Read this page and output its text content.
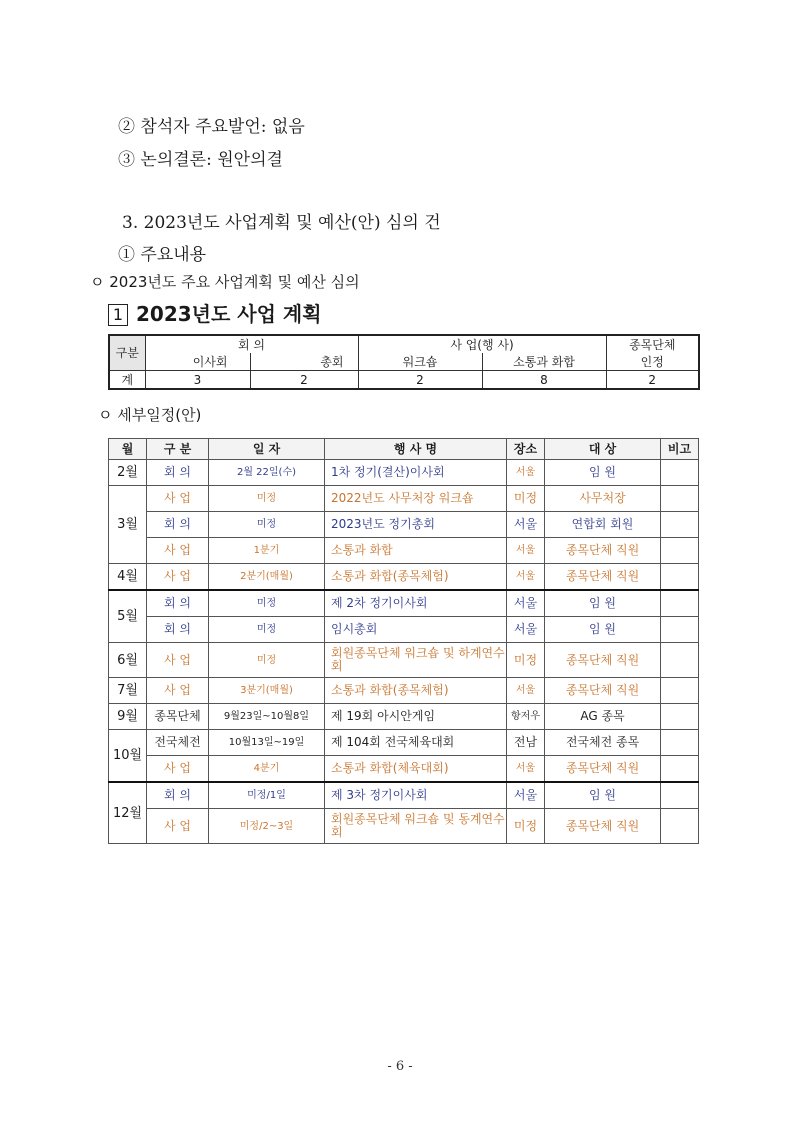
② 참석자 주요발언: 없음
③ 논의결론: 원안의결
3. 2023년도 사업계획 및 예산(안) 심의 건
① 주요내용
ㅇ 2023년도 주요 사업계획 및 예산 심의
1 2023년도 사업 계획
구분	회 의		사 업(행 사)		종목단체
	이사회	총회	워크숍	소통과 화합	인정
계	3	2	2	8	2
ㅇ 세부일정(안)
월	구 분	일 자	행 사 명	장소	대 상	비고
2월	회 의	2월 22일(수)	1차 정기(결산)이사회	서울	임 원	
3월	사 업	미정	2022년도 사무처장 워크숍	미정	사무처장	
	회 의	미정	2023년도 정기총회	서울	연합회 회원	
	사 업	1분기	소통과 화합	서울	종목단체 직원	
4월	사 업	2분기(매월)	소통과 화합(종목체험)	서울	종목단체 직원	
5월	회 의	미정	제 2차 정기이사회	서울	임 원	
	회 의	미정	임시총회	서울	임 원	
6월	사 업	미정	회원종목단체 워크숍 및 하계연수회	미정	종목단체 직원	
7월	사 업	3분기(매월)	소통과 화합(종목체험)	서울	종목단체 직원	
9월	종목단체	9월23일~10월8일	제 19회 아시안게임	항저우	AG 종목	
10월	전국체전	10월13일~19일	제 104회 전국체육대회	전남	전국체전 종목	
	사 업	4분기	소통과 화합(체육대회)	서울	종목단체 직원	
12월	회 의	미정/1일	제 3차 정기이사회	서울	임 원	
	사 업	미정/2~3일	회원종목단체 워크숍 및 동계연수회	미정	종목단체 직원	
- 6 -
